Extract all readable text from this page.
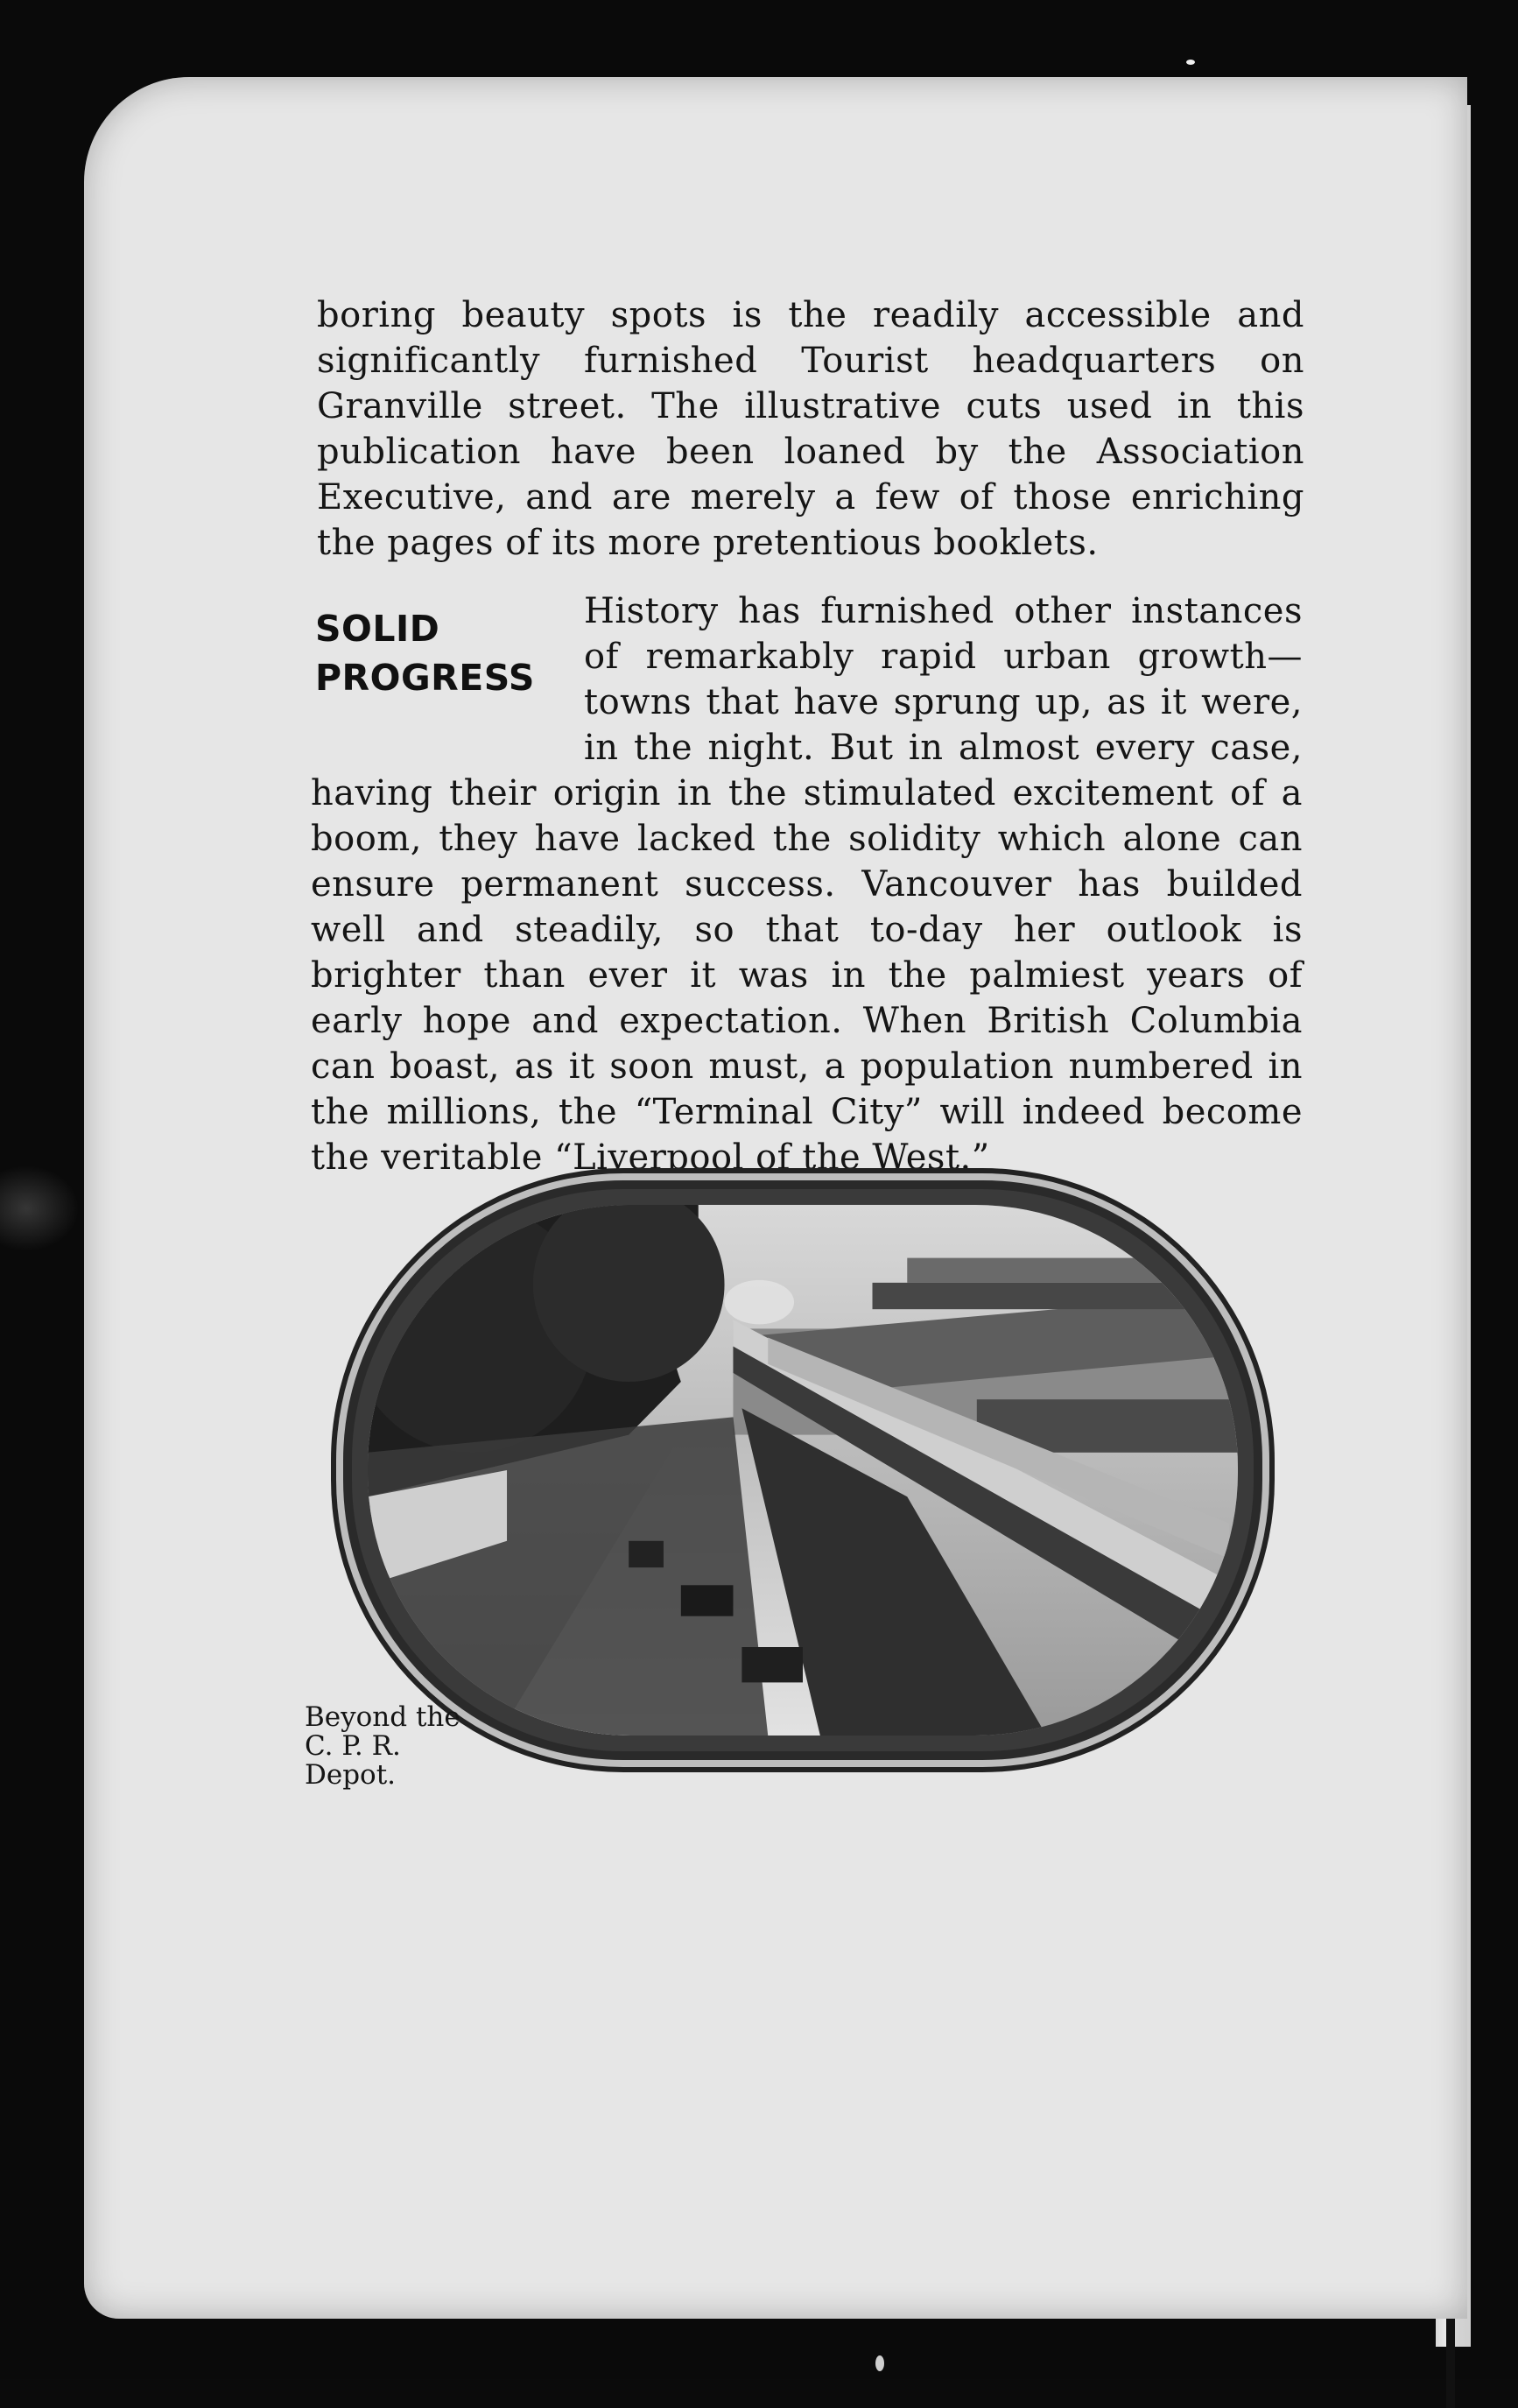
boring beauty spots is the readily accessible and significantly furnished Tourist headquarters on Granville street. The illustrative cuts used in this publication have been loaned by the Association Executive, and are merely a few of those enriching the pages of its more pretentious booklets.
SOLID
PROGRESS
History has furnished other instances of remarkably rapid urban growth—towns that have sprung up, as it were, in the night. But in almost every case, having their origin in the stimulated excitement of a boom, they have lacked the solidity which alone can ensure permanent success. Vancouver has builded well and steadily, so that to-day her outlook is brighter than ever it was in the palmiest years of early hope and expectation. When British Columbia can boast, as it soon must, a population numbered in the millions, the “Terminal City” will indeed become the veritable “Liverpool of the West.”
Beyond the
C. P. R.
Depot.
